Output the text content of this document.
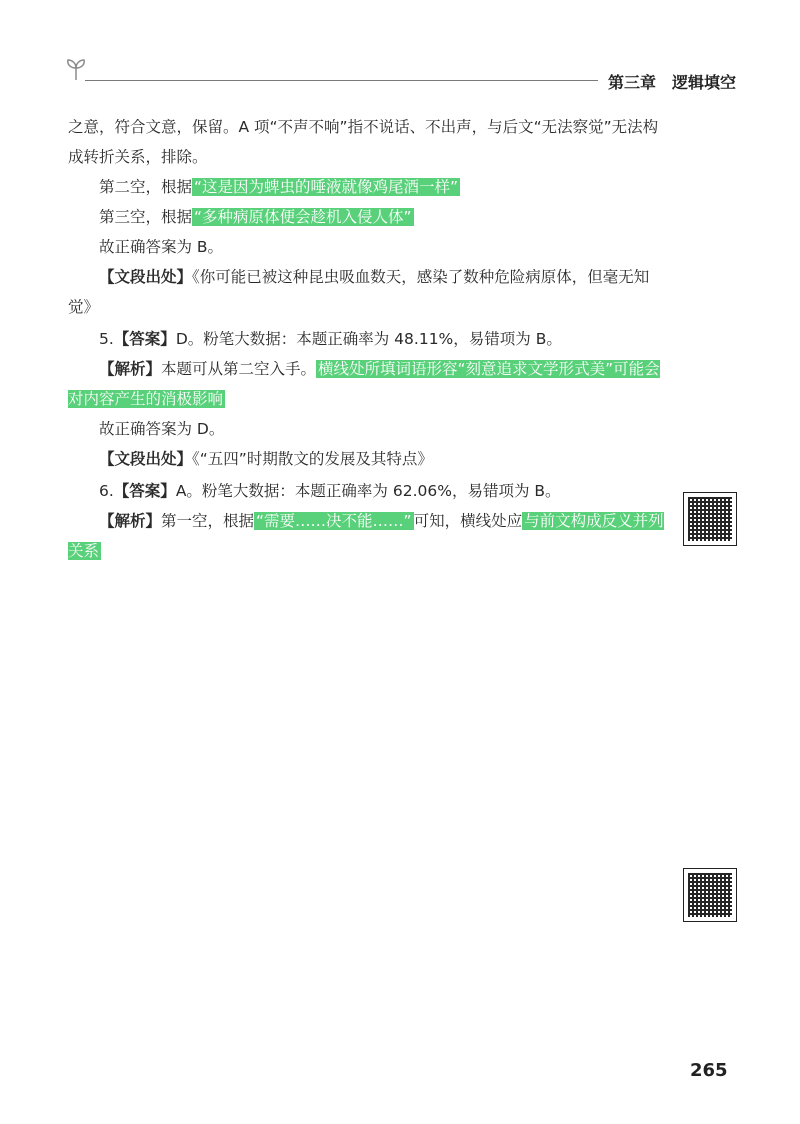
第三章 逻辑填空

之意，符合文意，保留。A 项“不声不响”指不说话、不出声，与后文“无法察觉”无法构成转折关系，排除。

第二空，根据 “这是因为蜱虫的唾液就像鸡尾酒一样”

第三空，根据 “多种病原体便会趁机入侵人体”

故正确答案为 B。

【文段出处】《你可能已被这种昆虫吸血数天，感染了数种危险病原体，但毫无知觉》

5.【答案】D。粉笔大数据：本题正确率为 48.11%，易错项为 B。

【解析】本题可从第二空入手。 横线处所填词语形容“刻意追求文学形式美”可能会对内容产生的消极影响

故正确答案为 D。

【文段出处】《“五四”时期散文的发展及其特点》

6.【答案】A。粉笔大数据：本题正确率为 62.06%，易错项为 B。

【解析】第一空，根据 “需要……决不能……” 可知，横线处应 与前文构成反义并列关系

265
